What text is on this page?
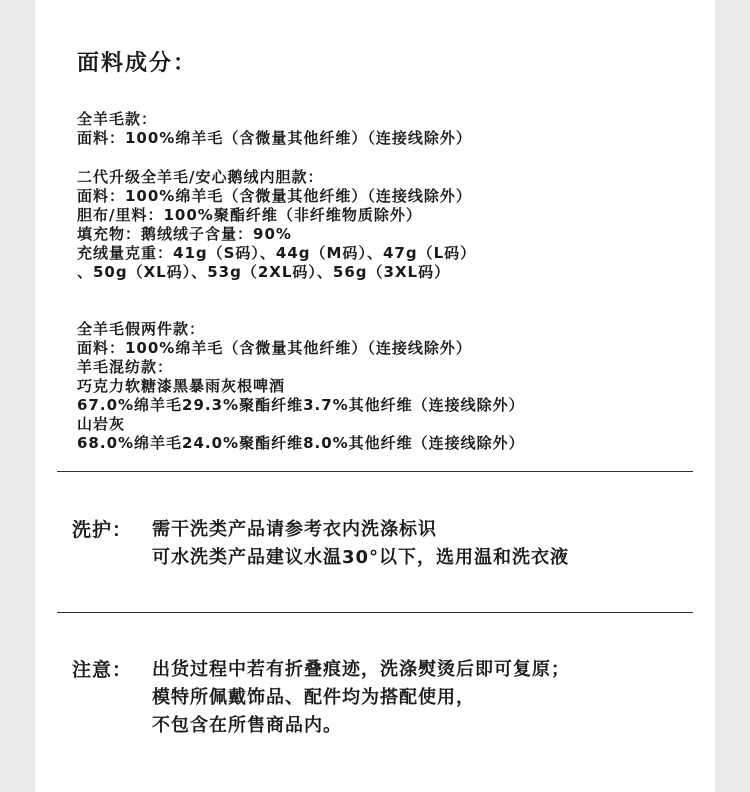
面料成分：
全羊毛款：
面料：100%绵羊毛（含微量其他纤维）（连接线除外）
二代升级全羊毛/安心鹅绒内胆款：
面料：100%绵羊毛（含微量其他纤维）（连接线除外）
胆布/里料：100%聚酯纤维（非纤维物质除外）
填充物：鹅绒绒子含量：90%
充绒量克重：41g（S码）、44g（M码）、47g（L码）
、50g（XL码）、53g（2XL码）、56g（3XL码）
全羊毛假两件款：
面料：100%绵羊毛（含微量其他纤维）（连接线除外）
羊毛混纺款：
巧克力软糖漆黑暴雨灰根啤酒
67.0%绵羊毛29.3%聚酯纤维3.7%其他纤维（连接线除外）
山岩灰
68.0%绵羊毛24.0%聚酯纤维8.0%其他纤维（连接线除外）
洗护： 需干洗类产品请参考衣内洗涤标识
可水洗类产品建议水温30°以下，选用温和洗衣液
注意： 出货过程中若有折叠痕迹，洗涤熨烫后即可复原；
模特所佩戴饰品、配件均为搭配使用，
不包含在所售商品内。
